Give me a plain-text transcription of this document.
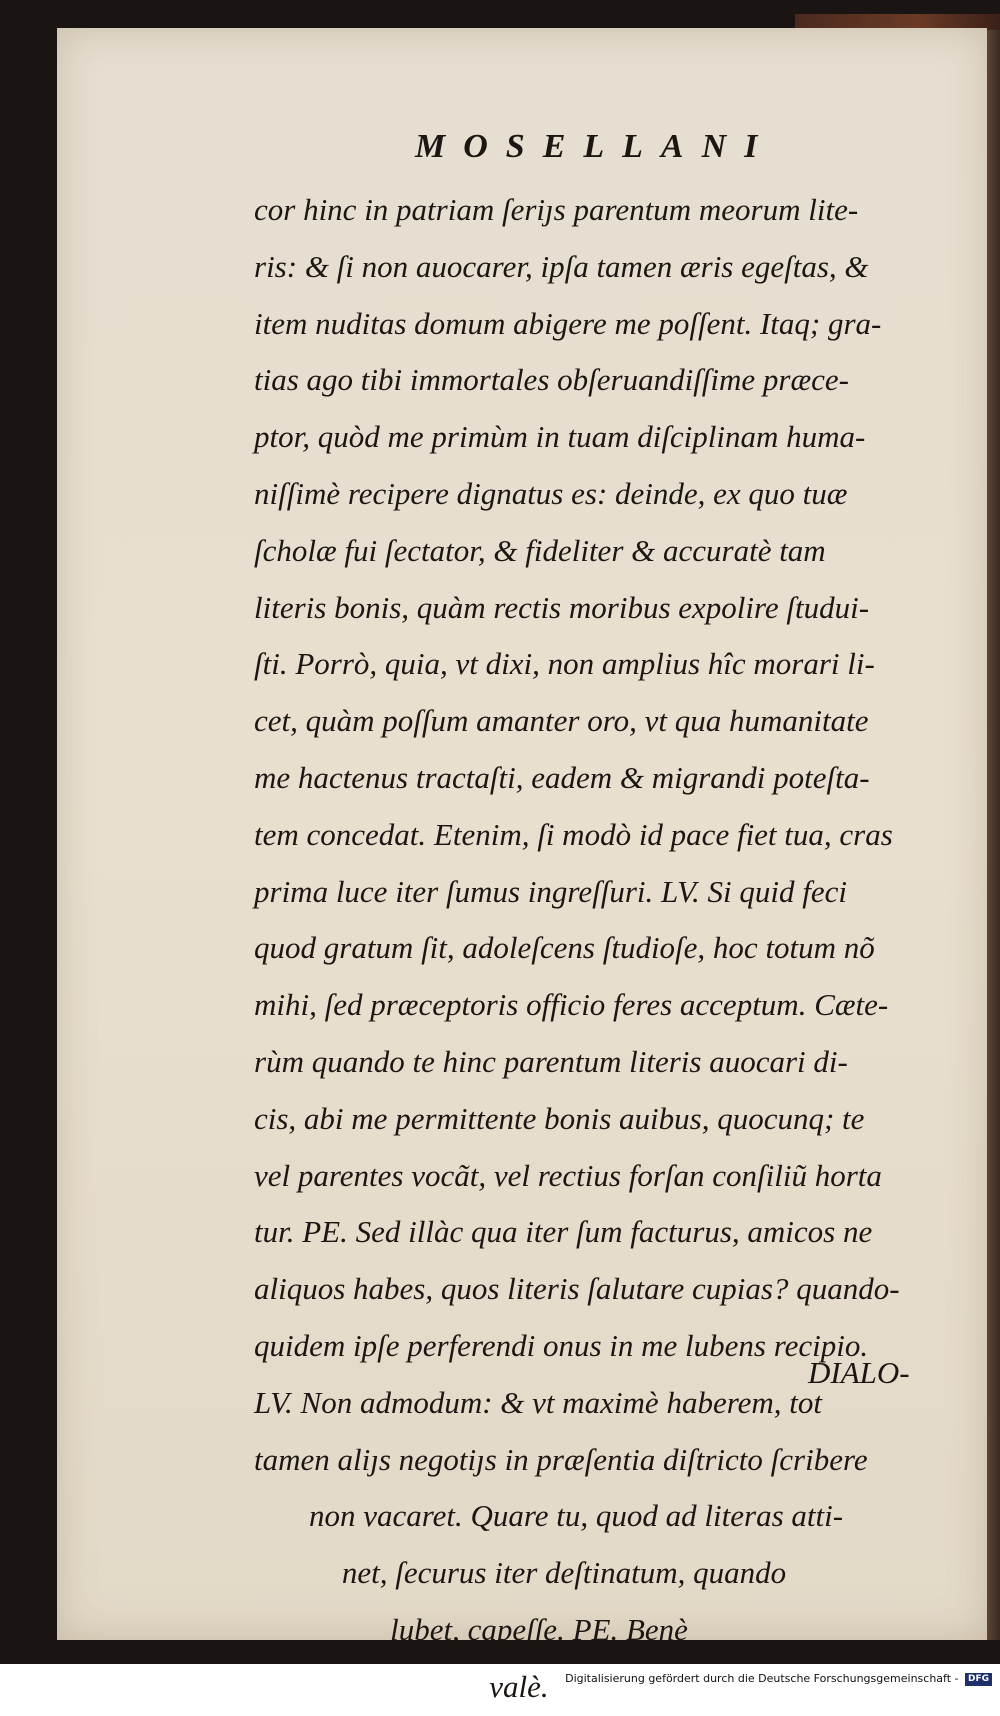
MOSELLANI
cor hinc in patriam ſeriȷs parentum meorum lite-
ris: & ſi non auocarer, ipſa tamen æris egeſtas, &
item nuditas domum abigere me poſſent. Itaq; gra-
tias ago tibi immortales obſeruandiſſime præce-
ptor, quòd me primùm in tuam diſciplinam huma-
niſſimè recipere dignatus es: deinde, ex quo tuæ
ſcholæ fui ſectator, & fideliter & accuratè tam
literis bonis, quàm rectis moribus expolire ſtudui-
ſti. Porrò, quia, vt dixi, non amplius hîc morari li-
cet, quàm poſſum amanter oro, vt qua humanitate
me hactenus tractaſti, eadem & migrandi poteſta-
tem concedat. Etenim, ſi modò id pace fiet tua, cras
prima luce iter ſumus ingreſſuri. LV. Si quid feci
quod gratum ſit, adoleſcens ſtudioſe, hoc totum nõ
mihi, ſed præceptoris officio feres acceptum. Cæte-
rùm quando te hinc parentum literis auocari di-
cis, abi me permittente bonis auibus, quocunq; te
vel parentes vocãt, vel rectius forſan conſiliũ horta
tur. PE. Sed illàc qua iter ſum facturus, amicos ne
aliquos habes, quos literis ſalutare cupias? quando-
quidem ipſe perferendi onus in me lubens recipio.
LV. Non admodum: & vt maximè haberem, tot
tamen aliȷs negotiȷs in præſentia diſtricto ſcribere
non vacaret. Quare tu, quod ad literas atti-
net, ſecurus iter deſtinatum, quando
lubet, capeſſe. PE. Benè
valè.
DIALO-
Digitalisierung gefördert durch die Deutsche Forschungsgemeinschaft - DFG
